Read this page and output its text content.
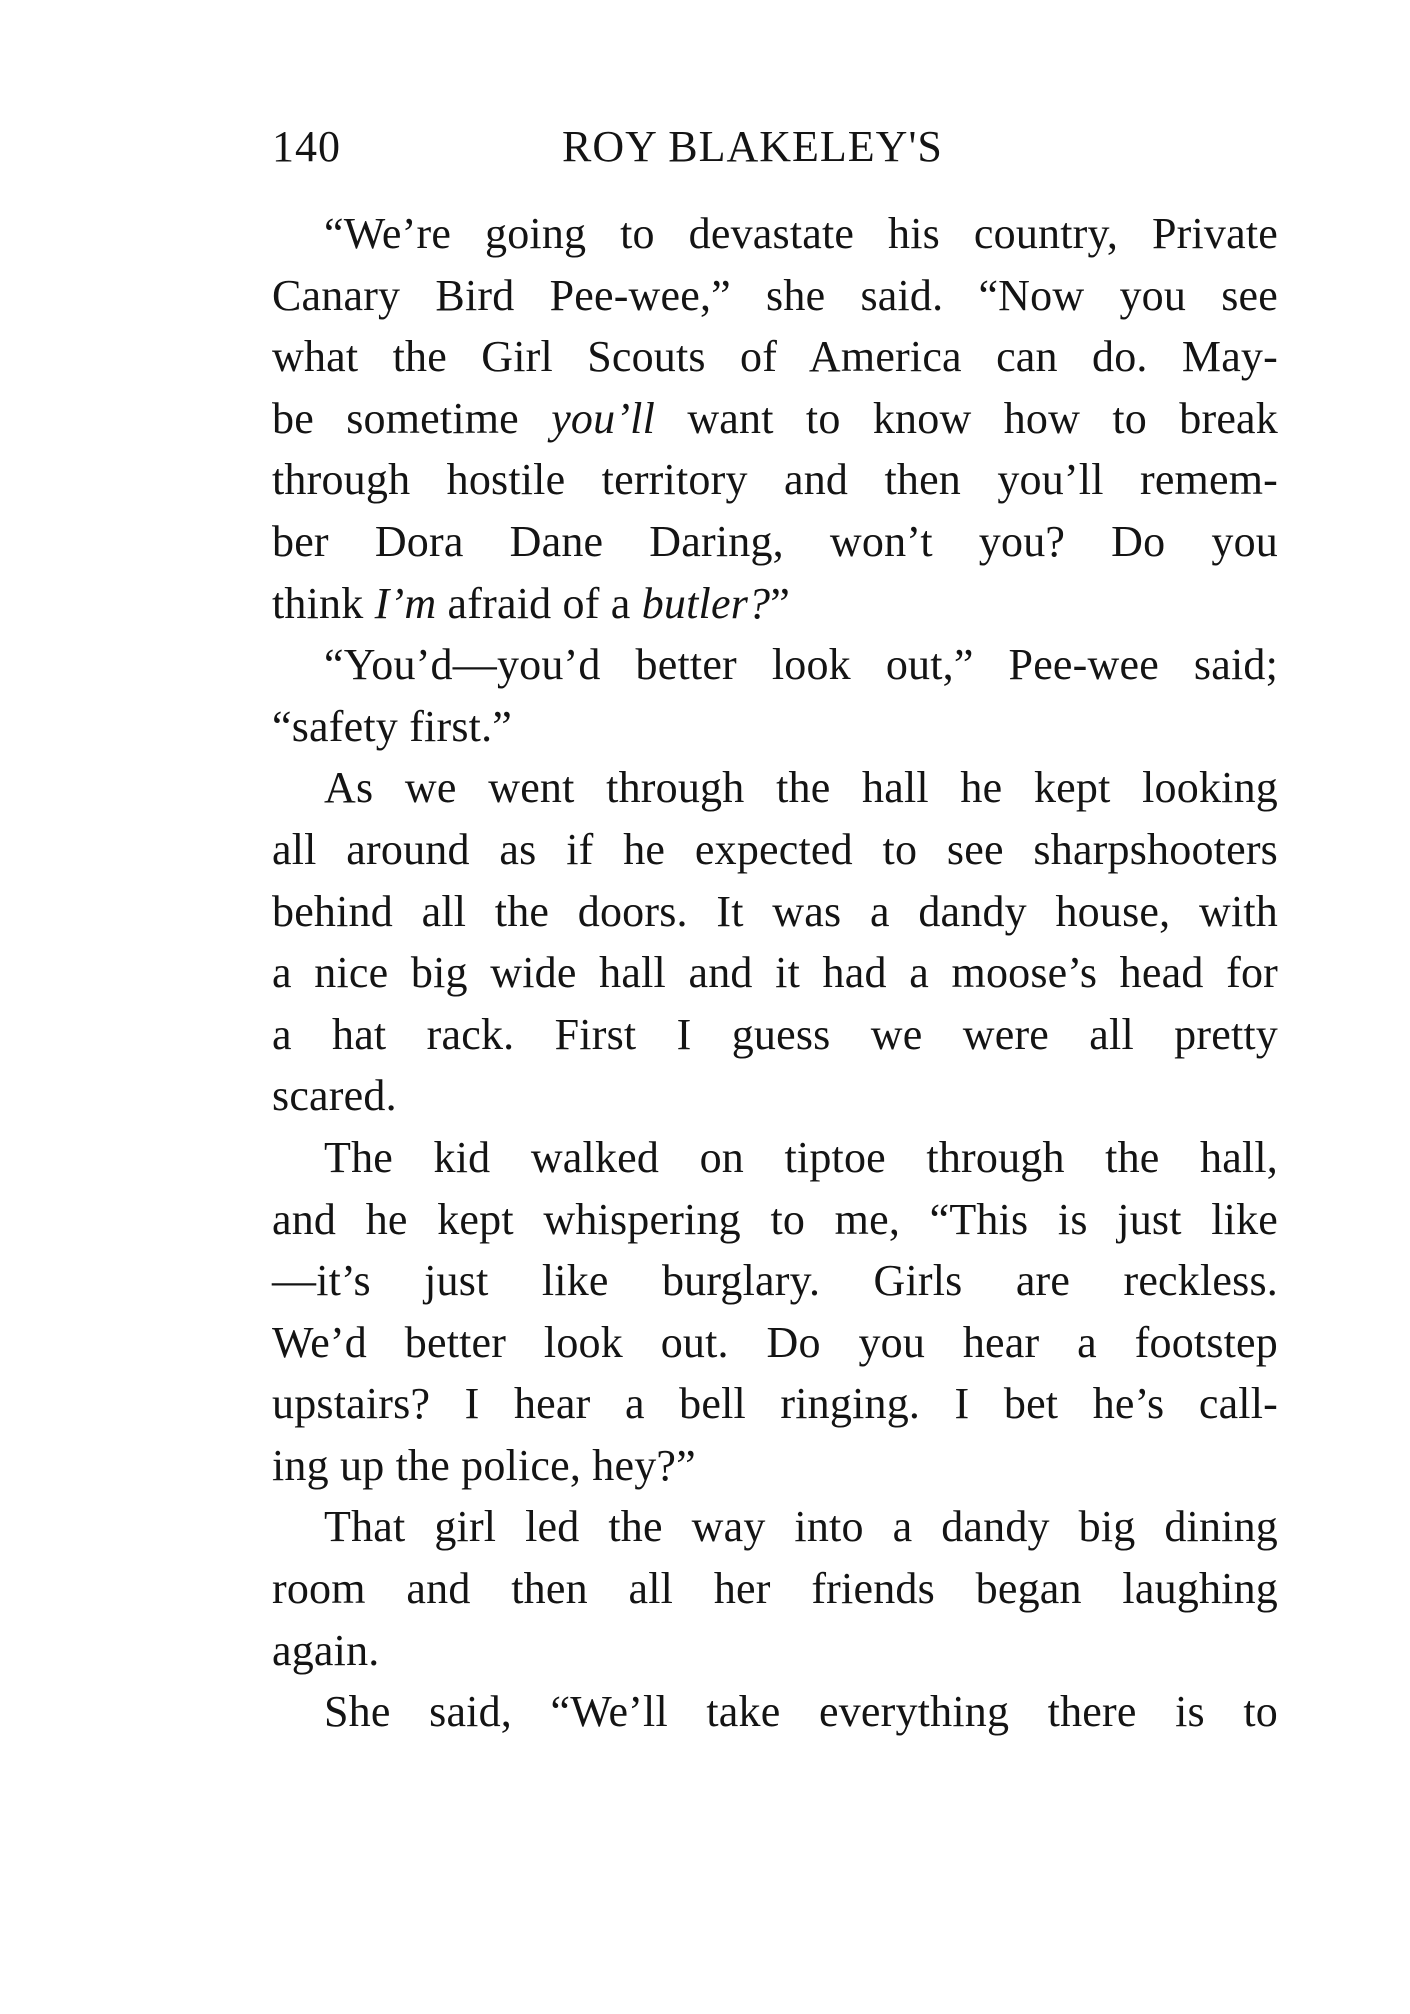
140	ROY BLAKELEY'S
“We’re going to devastate his country, Private
Canary Bird Pee-wee,” she said. “Now you see
what the Girl Scouts of America can do. May-
be sometime you’ll want to know how to break
through hostile territory and then you’ll remem-
ber Dora Dane Daring, won’t you? Do you
think I’m afraid of a butler?”
“You’d—you’d better look out,” Pee-wee said;
“safety first.”
As we went through the hall he kept looking
all around as if he expected to see sharpshooters
behind all the doors. It was a dandy house, with
a nice big wide hall and it had a moose’s head for
a hat rack. First I guess we were all pretty
scared.
The kid walked on tiptoe through the hall,
and he kept whispering to me, “This is just like
—it’s just like burglary. Girls are reckless.
We’d better look out. Do you hear a footstep
upstairs? I hear a bell ringing. I bet he’s call-
ing up the police, hey?”
That girl led the way into a dandy big dining
room and then all her friends began laughing
again.
She said, “We’ll take everything there is to
